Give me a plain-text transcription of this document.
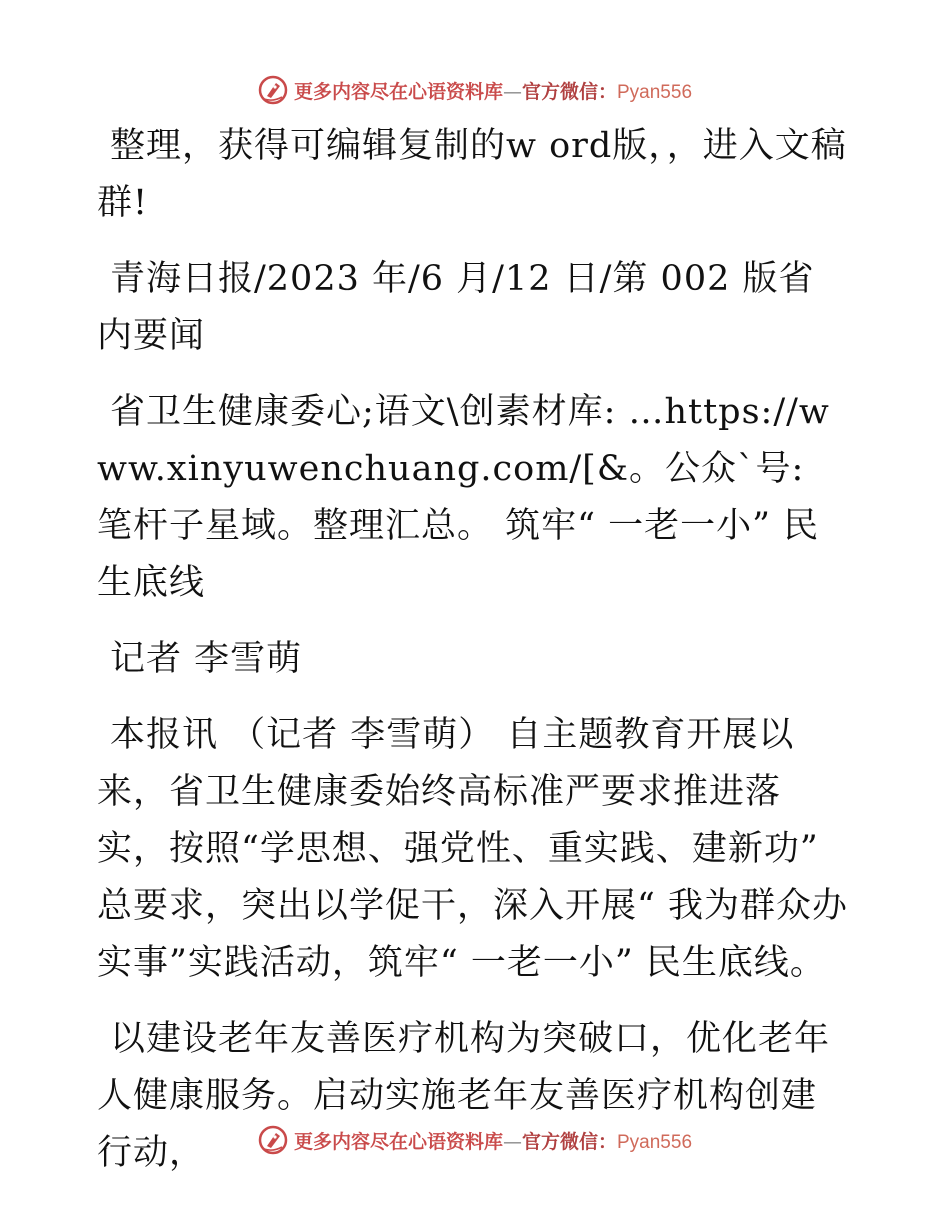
更多内容尽在心语资料库—官方微信：Pyan556

整理，获得可编辑复制的w ord版，，进入文稿群!

青海日报/2023 年/6 月/12 日/第 002 版省内要闻

省卫生健康委心;语文\创素材库: …https://www.xinyuwenchuang.com/[&。公众`号: 笔杆子星域。整理汇总。 筑牢“ 一老一小” 民生底线

记者 李雪萌

本报讯 （记者 李雪萌） 自主题教育开展以来，省卫生健康委始终高标准严要求推进落实，按照“学思想、强党性、重实践、建新功” 总要求，突出以学促干，深入开展“ 我为群众办实事”实践活动，筑牢“ 一老一小” 民生底线。

以建设老年友善医疗机构为突破口，优化老年人健康服务。启动实施老年友善医疗机构创建行动，	更多内容尽在心语资料库—官方微信：Pyan556
